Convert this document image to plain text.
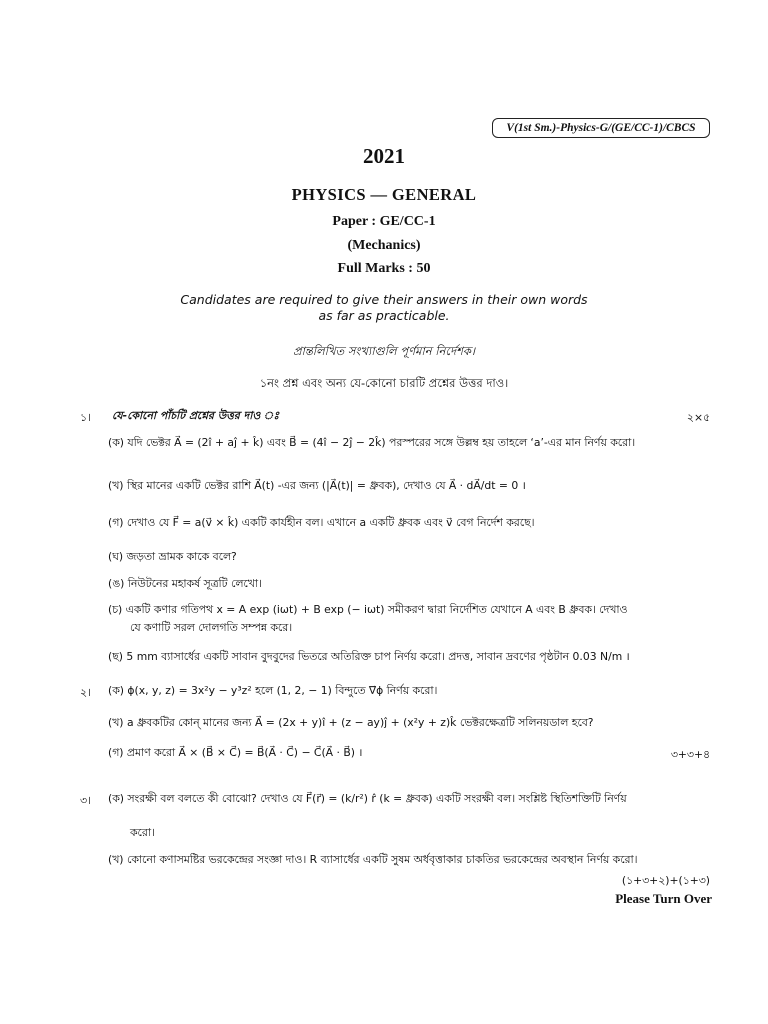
V(1st Sm.)-Physics-G/(GE/CC-1)/CBCS
2021
PHYSICS — GENERAL
Paper : GE/CC-1
(Mechanics)
Full Marks : 50
Candidates are required to give their answers in their own words
as far as practicable.
প্রান্তলিখিত সংখ্যাগুলি পূর্ণমান নির্দেশক।
১নং প্রশ্ন এবং অন্য যে-কোনো চারটি প্রশ্নের উত্তর দাও।
১। যে-কোনো পাঁচটি প্রশ্নের উত্তর দাও ঃ	২×৫
(ক) যদি ভেক্টর A⃗ = (2î + aĵ + k̂) এবং B⃗ = (4î − 2ĵ − 2k̂) পরস্পরের সঙ্গে উল্লম্ব হয় তাহলে ‘a’-এর মান নির্ণয় করো।
(খ) স্থির মানের একটি ভেক্টর রাশি A⃗(t) -এর জন্য (|A⃗(t)| = ধ্রুবক), দেখাও যে A⃗ · dA⃗/dt = 0 ।
(গ) দেখাও যে F⃗ = a(v⃗ × k̂) একটি কার্যহীন বল। এখানে a একটি ধ্রুবক এবং v⃗ বেগ নির্দেশ করছে।
(ঘ) জড়তা ভ্রামক কাকে বলে?
(ঙ) নিউটনের মহাকর্ষ সূত্রটি লেখো।
(চ) একটি কণার গতিপথ x = A exp (iωt) + B exp (− iωt) সমীকরণ দ্বারা নির্দেশিত যেখানে A এবং B ধ্রুবক। দেখাও
যে কণাটি সরল দোলগতি সম্পন্ন করে।
(ছ) 5 mm ব্যাসার্ধের একটি সাবান বুদবুদের ভিতরে অতিরিক্ত চাপ নির্ণয় করো। প্রদত্ত, সাবান দ্রবণের পৃষ্ঠটান 0.03 N/m ।
২। (ক) ϕ(x, y, z) = 3x²y − y³z² হলে (1, 2, − 1) বিন্দুতে ∇⃗ϕ নির্ণয় করো।
(খ) a ধ্রুবকটির কোন্‌ মানের জন্য A⃗ = (2x + y)î + (z − ay)ĵ + (x²y + z)k̂ ভেক্টরক্ষেত্রটি সলিনয়ডাল হবে?
(গ) প্রমাণ করো A⃗ × (B⃗ × C⃗) = B⃗(A⃗ · C⃗) − C⃗(A⃗ · B⃗) ।	৩+৩+৪
৩। (ক) সংরক্ষী বল বলতে কী বোঝো? দেখাও যে F⃗(r⃗) = (k/r²) r̂ (k = ধ্রুবক) একটি সংরক্ষী বল। সংশ্লিষ্ট স্থিতিশক্তিটি নির্ণয়
করো।
(খ) কোনো কণাসমষ্টির ভরকেন্দ্রের সংজ্ঞা দাও। R ব্যাসার্ধের একটি সুষম অর্ধবৃত্তাকার চাকতির ভরকেন্দ্রের অবস্থান নির্ণয় করো।
(১+৩+২)+(১+৩)
Please Turn Over
